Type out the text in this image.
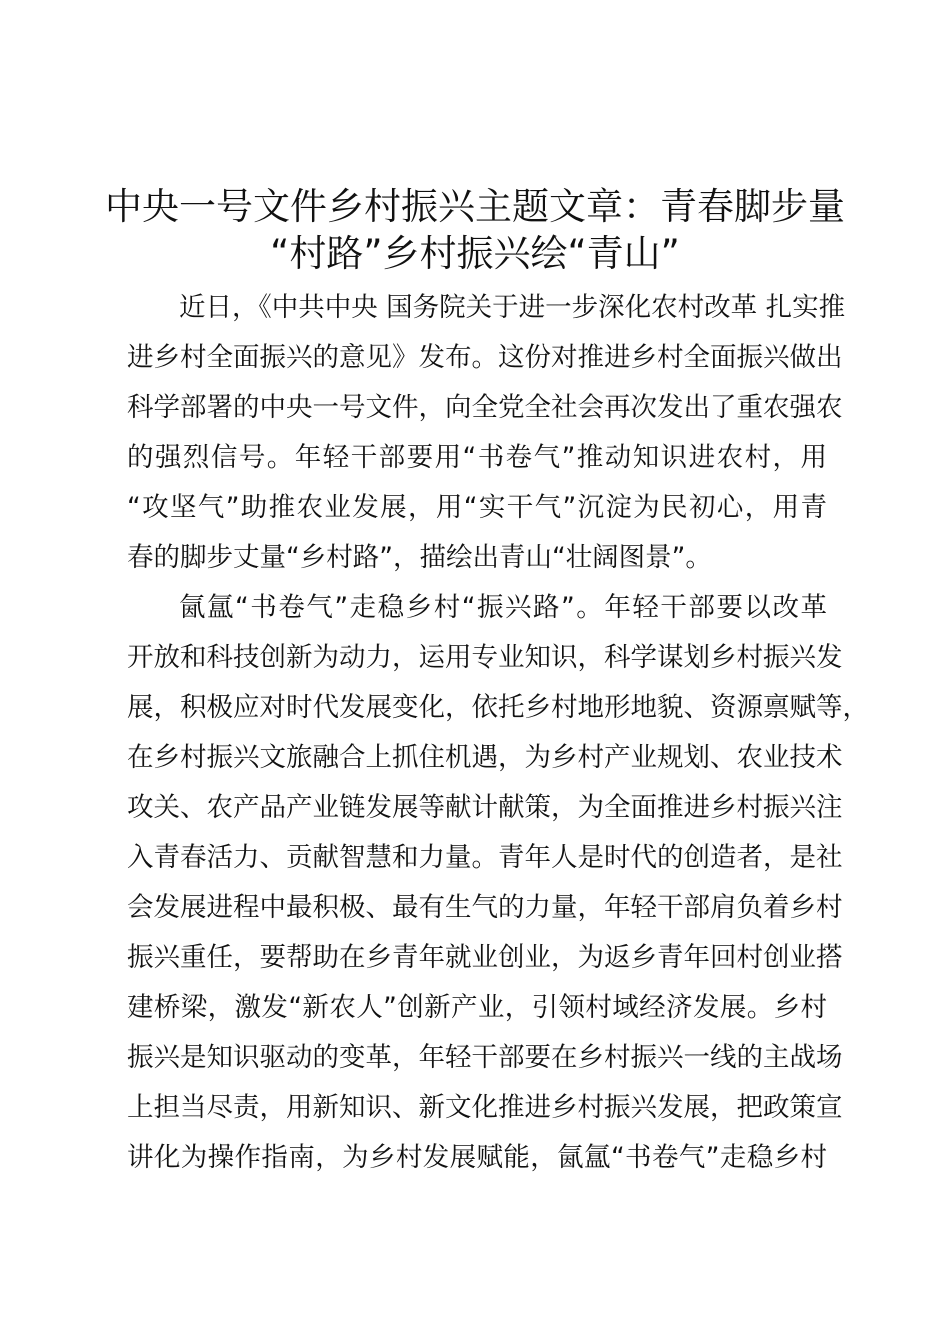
中央一号文件乡村振兴主题文章：青春脚步量
“村路”乡村振兴绘“青山”
近日，《中共中央 国务院关于进一步深化农村改革 扎实推
进乡村全面振兴的意见》发布。这份对推进乡村全面振兴做出
科学部署的中央一号文件，向全党全社会再次发出了重农强农
的强烈信号。年轻干部要用“书卷气”推动知识进农村，用
“攻坚气”助推农业发展，用“实干气”沉淀为民初心，用青
春的脚步丈量“乡村路”，描绘出青山“壮阔图景”。
氤氲“书卷气”走稳乡村“振兴路”。年轻干部要以改革
开放和科技创新为动力，运用专业知识，科学谋划乡村振兴发
展，积极应对时代发展变化，依托乡村地形地貌、资源禀赋等，
在乡村振兴文旅融合上抓住机遇，为乡村产业规划、农业技术
攻关、农产品产业链发展等献计献策，为全面推进乡村振兴注
入青春活力、贡献智慧和力量。青年人是时代的创造者，是社
会发展进程中最积极、最有生气的力量，年轻干部肩负着乡村
振兴重任，要帮助在乡青年就业创业，为返乡青年回村创业搭
建桥梁，激发“新农人”创新产业，引领村域经济发展。乡村
振兴是知识驱动的变革，年轻干部要在乡村振兴一线的主战场
上担当尽责，用新知识、新文化推进乡村振兴发展，把政策宣
讲化为操作指南，为乡村发展赋能，氤氲“书卷气”走稳乡村
